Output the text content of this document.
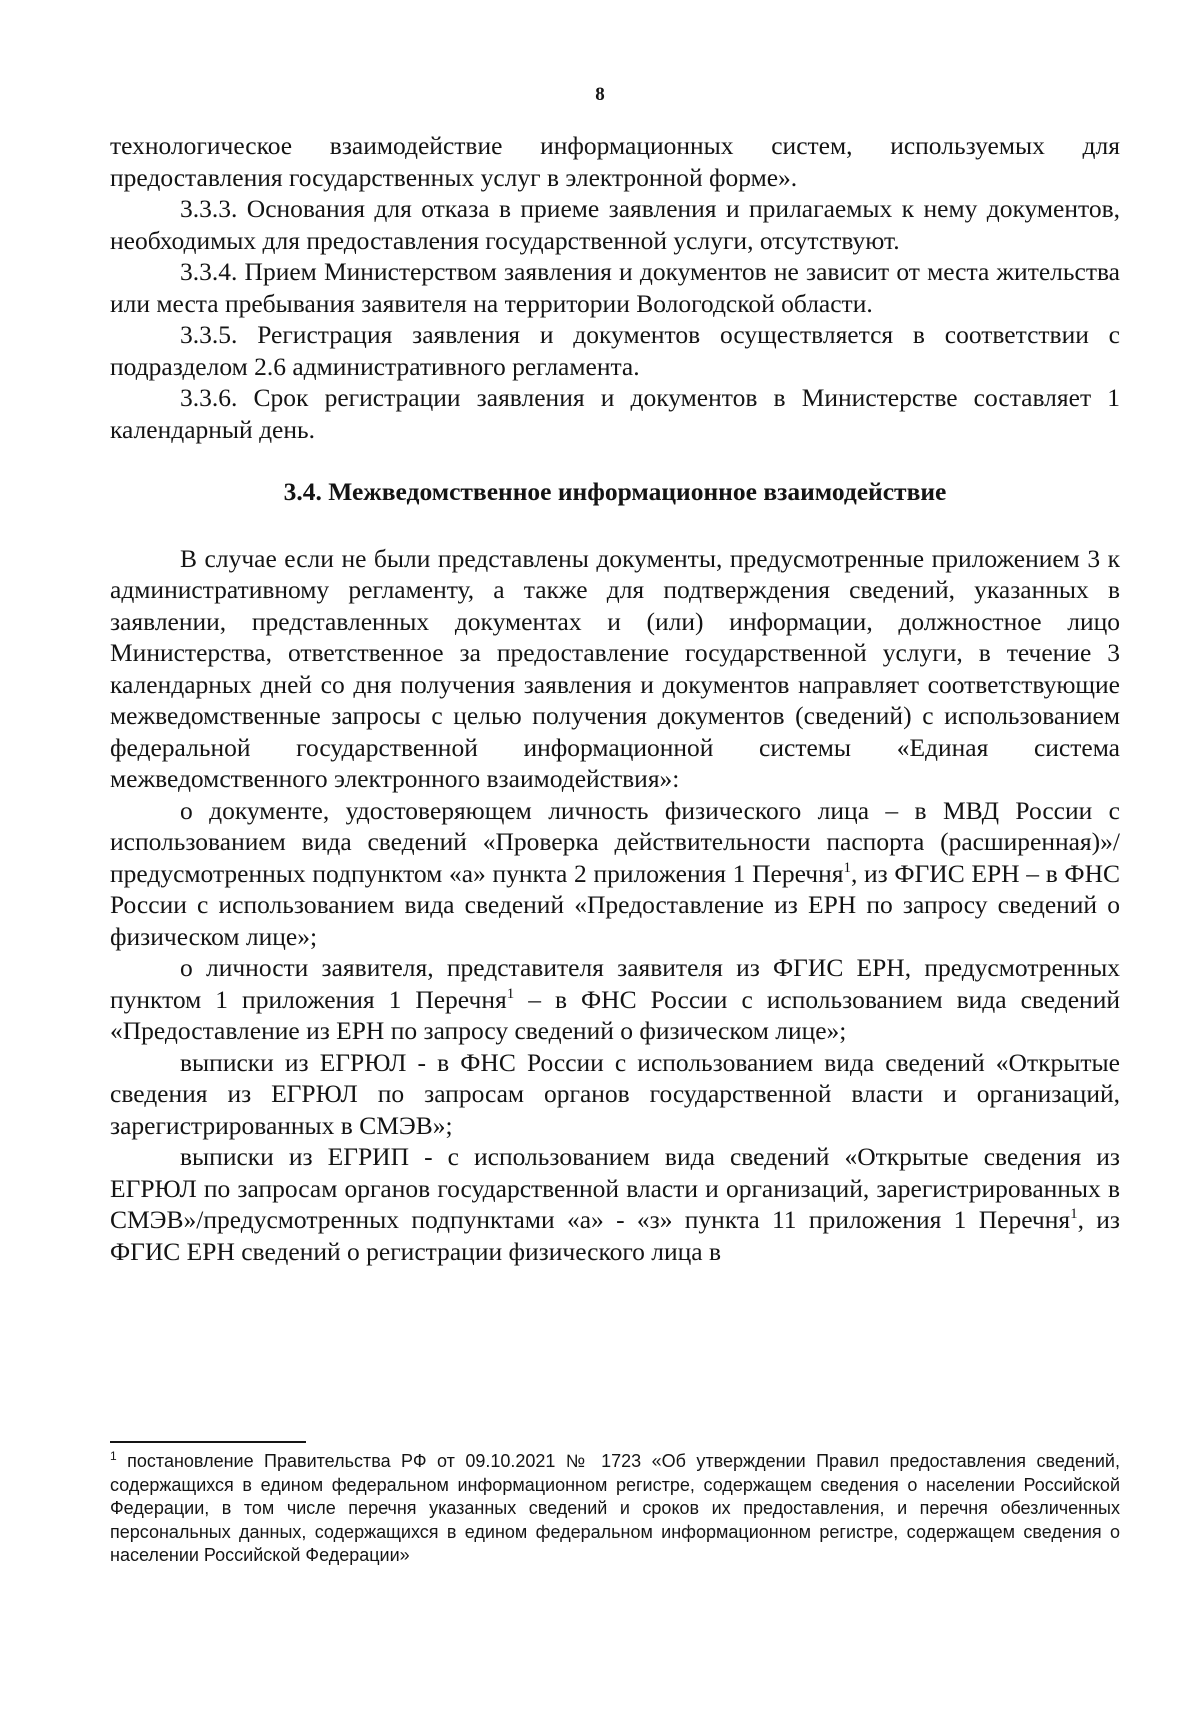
8

технологическое взаимодействие информационных систем, используемых для предоставления государственных услуг в электронной форме».

3.3.3. Основания для отказа в приеме заявления и прилагаемых к нему документов, необходимых для предоставления государственной услуги, отсутствуют.

3.3.4. Прием Министерством заявления и документов не зависит от места жительства или места пребывания заявителя на территории Вологодской области.

3.3.5. Регистрация заявления и документов осуществляется в соответствии с подразделом 2.6 административного регламента.

3.3.6. Срок регистрации заявления и документов в Министерстве составляет 1 календарный день.

3.4. Межведомственное информационное взаимодействие

В случае если не были представлены документы, предусмотренные приложением 3 к административному регламенту, а также для подтверждения сведений, указанных в заявлении, представленных документах и (или) информации, должностное лицо Министерства, ответственное за предоставление государственной услуги, в течение 3 календарных дней со дня получения заявления и документов направляет соответствующие межведомственные запросы с целью получения документов (сведений) с использованием федеральной государственной информационной системы «Единая система межведомственного электронного взаимодействия»:

о документе, удостоверяющем личность физического лица – в МВД России с использованием вида сведений «Проверка действительности паспорта (расширенная)»/предусмотренных подпунктом «а» пункта 2 приложения 1 Перечня$^1$, из ФГИС ЕРН – в ФНС России с использованием вида сведений «Предоставление из ЕРН по запросу сведений о физическом лице»;

о личности заявителя, представителя заявителя из ФГИС ЕРН, предусмотренных пунктом 1 приложения 1 Перечня$^1$ – в ФНС России с использованием вида сведений «Предоставление из ЕРН по запросу сведений о физическом лице»;

выписки из ЕГРЮЛ - в ФНС России с использованием вида сведений «Открытые сведения из ЕГРЮЛ по запросам органов государственной власти и организаций, зарегистрированных в СМЭВ»;

выписки из ЕГРИП - с использованием вида сведений «Открытые сведения из ЕГРЮЛ по запросам органов государственной власти и организаций, зарегистрированных в СМЭВ»/предусмотренных подпунктами «а» - «з» пункта 11 приложения 1 Перечня$^1$, из ФГИС ЕРН сведений о регистрации физического лица в

$^1$ постановление Правительства РФ от 09.10.2021 № 1723 «Об утверждении Правил предоставления сведений, содержащихся в едином федеральном информационном регистре, содержащем сведения о населении Российской Федерации, в том числе перечня указанных сведений и сроков их предоставления, и перечня обезличенных персональных данных, содержащихся в едином федеральном информационном регистре, содержащем сведения о населении Российской Федерации»
